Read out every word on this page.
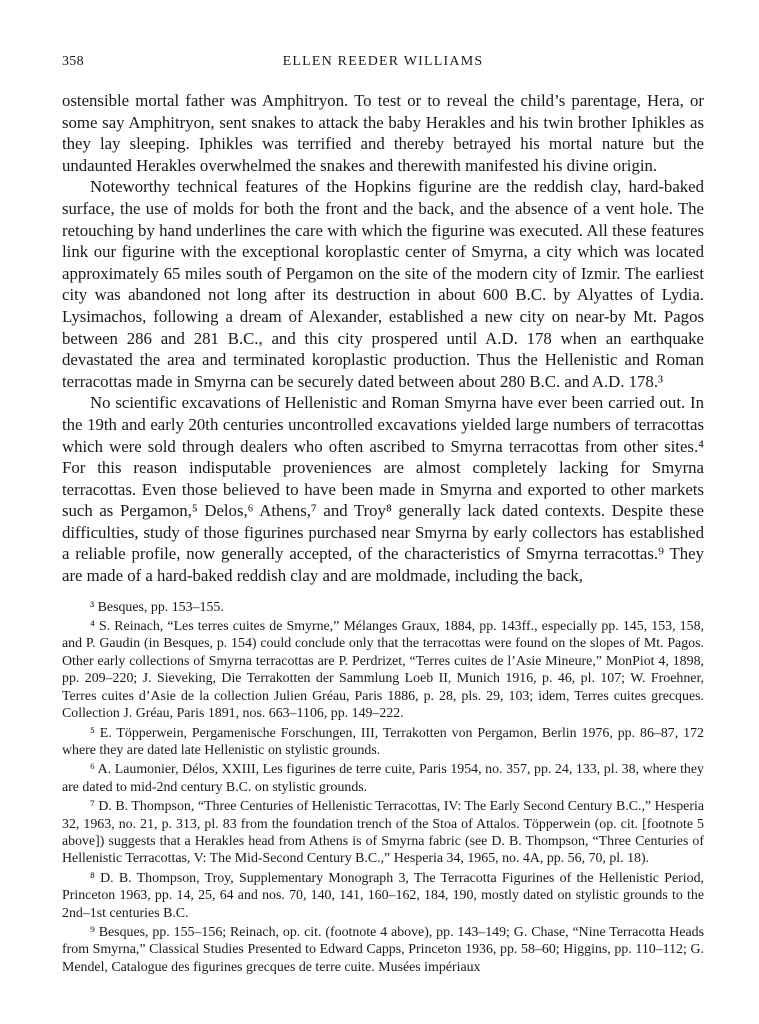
358	ELLEN REEDER WILLIAMS

ostensible mortal father was Amphitryon. To test or to reveal the child’s parentage, Hera, or some say Amphitryon, sent snakes to attack the baby Herakles and his twin brother Iphikles as they lay sleeping. Iphikles was terrified and thereby betrayed his mortal nature but the undaunted Herakles overwhelmed the snakes and therewith manifested his divine origin.

Noteworthy technical features of the Hopkins figurine are the reddish clay, hard-baked surface, the use of molds for both the front and the back, and the absence of a vent hole. The retouching by hand underlines the care with which the figurine was executed. All these features link our figurine with the exceptional koroplastic center of Smyrna, a city which was located approximately 65 miles south of Pergamon on the site of the modern city of Izmir. The earliest city was abandoned not long after its destruction in about 600 B.C. by Alyattes of Lydia. Lysimachos, following a dream of Alexander, established a new city on near-by Mt. Pagos between 286 and 281 B.C., and this city prospered until A.D. 178 when an earthquake devastated the area and terminated koroplastic production. Thus the Hellenistic and Roman terracottas made in Smyrna can be securely dated between about 280 B.C. and A.D. 178.³

No scientific excavations of Hellenistic and Roman Smyrna have ever been carried out. In the 19th and early 20th centuries uncontrolled excavations yielded large numbers of terracottas which were sold through dealers who often ascribed to Smyrna terracottas from other sites.⁴ For this reason indisputable proveniences are almost completely lacking for Smyrna terracottas. Even those believed to have been made in Smyrna and exported to other markets such as Pergamon,⁵ Delos,⁶ Athens,⁷ and Troy⁸ generally lack dated contexts. Despite these difficulties, study of those figurines purchased near Smyrna by early collectors has established a reliable profile, now generally accepted, of the characteristics of Smyrna terracottas.⁹ They are made of a hard-baked reddish clay and are moldmade, including the back,

³ Besques, pp. 153–155.

⁴ S. Reinach, “Les terres cuites de Smyrne,” Mélanges Graux, 1884, pp. 143ff., especially pp. 145, 153, 158, and P. Gaudin (in Besques, p. 154) could conclude only that the terracottas were found on the slopes of Mt. Pagos. Other early collections of Smyrna terracottas are P. Perdrizet, “Terres cuites de l’Asie Mineure,” MonPiot 4, 1898, pp. 209–220; J. Sieveking, Die Terrakotten der Sammlung Loeb II, Munich 1916, p. 46, pl. 107; W. Froehner, Terres cuites d’Asie de la collection Julien Gréau, Paris 1886, p. 28, pls. 29, 103; idem, Terres cuites grecques. Collection J. Gréau, Paris 1891, nos. 663–1106, pp. 149–222.

⁵ E. Töpperwein, Pergamenische Forschungen, III, Terrakotten von Pergamon, Berlin 1976, pp. 86–87, 172 where they are dated late Hellenistic on stylistic grounds.

⁶ A. Laumonier, Délos, XXIII, Les figurines de terre cuite, Paris 1954, no. 357, pp. 24, 133, pl. 38, where they are dated to mid-2nd century B.C. on stylistic grounds.

⁷ D. B. Thompson, “Three Centuries of Hellenistic Terracottas, IV: The Early Second Century B.C.,” Hesperia 32, 1963, no. 21, p. 313, pl. 83 from the foundation trench of the Stoa of Attalos. Töpperwein (op. cit. [footnote 5 above]) suggests that a Herakles head from Athens is of Smyrna fabric (see D. B. Thompson, “Three Centuries of Hellenistic Terracottas, V: The Mid-Second Century B.C.,” Hesperia 34, 1965, no. 4A, pp. 56, 70, pl. 18).

⁸ D. B. Thompson, Troy, Supplementary Monograph 3, The Terracotta Figurines of the Hellenistic Period, Princeton 1963, pp. 14, 25, 64 and nos. 70, 140, 141, 160–162, 184, 190, mostly dated on stylistic grounds to the 2nd–1st centuries B.C.

⁹ Besques, pp. 155–156; Reinach, op. cit. (footnote 4 above), pp. 143–149; G. Chase, “Nine Terracotta Heads from Smyrna,” Classical Studies Presented to Edward Capps, Princeton 1936, pp. 58–60; Higgins, pp. 110–112; G. Mendel, Catalogue des figurines grecques de terre cuite. Musées impériaux
